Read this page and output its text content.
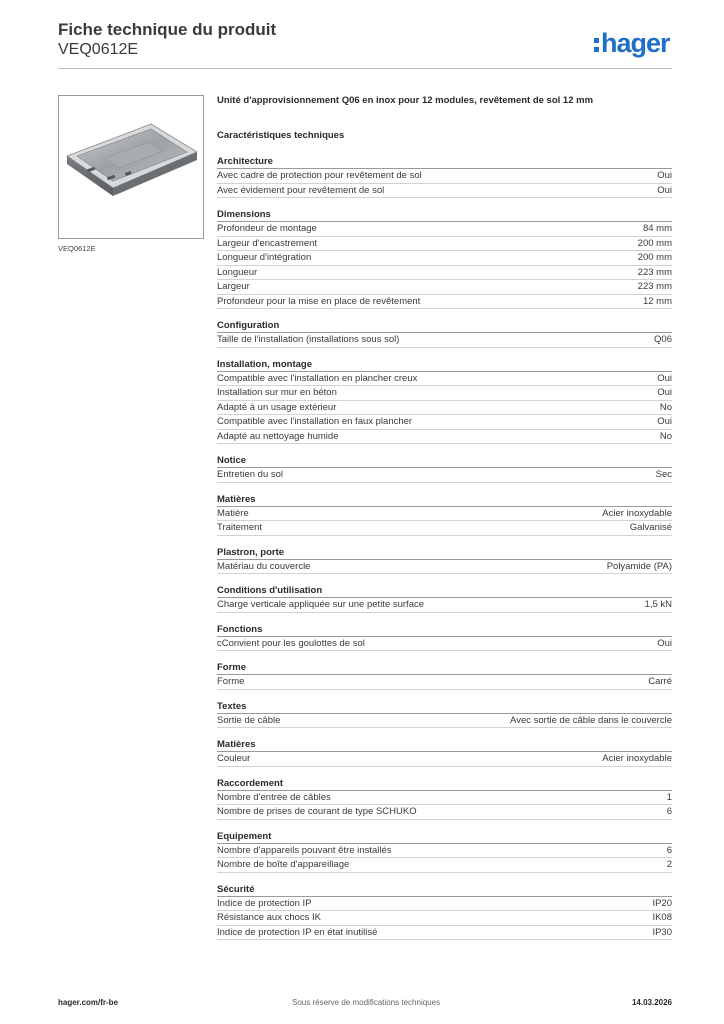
Fiche technique du produit
VEQ0612E	hager
VEQ0612E
Unité d'approvisionnement Q06 en inox pour 12 modules, revêtement de sol 12 mm
Caractéristiques techniques
Architecture
Avec cadre de protection pour revêtement de sol	Oui
Avec évidement pour revêtement de sol	Oui
Dimensions
Profondeur de montage	84 mm
Largeur d'encastrement	200 mm
Longueur d'intégration	200 mm
Longueur	223 mm
Largeur	223 mm
Profondeur pour la mise en place de revêtement	12 mm
Configuration
Taille de l'installation (installations sous sol)	Q06
Installation, montage
Compatible avec l'installation en plancher creux	Oui
Installation sur mur en béton	Oui
Adapté à un usage extérieur	No
Compatible avec l'installation en faux plancher	Oui
Adapté au nettoyage humide	No
Notice
Entretien du sol	Sec
Matières
Matière	Acier inoxydable
Traitement	Galvanisé
Plastron, porte
Matériau du couvercle	Polyamide (PA)
Conditions d'utilisation
Charge verticale appliquée sur une petite surface	1,5 kN
Fonctions
cConvient pour les goulottes de sol	Oui
Forme
Forme	Carré
Textes
Sortie de câble	Avec sortie de câble dans le couvercle
Matières
Couleur	Acier inoxydable
Raccordement
Nombre d'entrée de câbles	1
Nombre de prises de courant de type SCHUKO	6
Equipement
Nombre d'appareils pouvant être installés	6
Nombre de boîte d'appareillage	2
Sécurité
Indice de protection IP	IP20
Résistance aux chocs IK	IK08
Indice de protection IP en état inutilisé	IP30
hager.com/fr-be	Sous réserve de modifications techniques	14.03.2026
